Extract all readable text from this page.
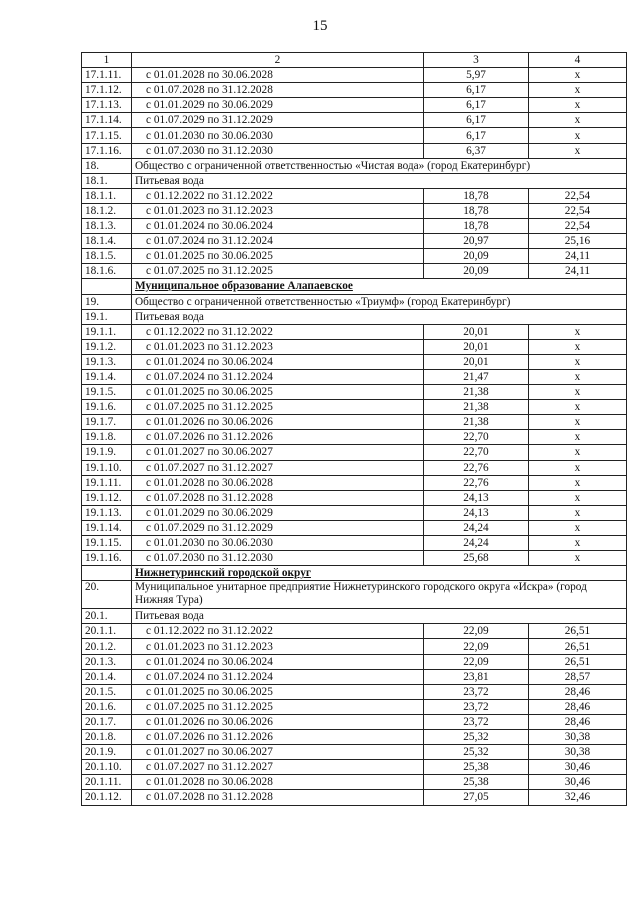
15
1	2	3	4
17.1.11.	с 01.01.2028 по 30.06.2028	5,97	х
17.1.12.	с 01.07.2028 по 31.12.2028	6,17	х
17.1.13.	с 01.01.2029 по 30.06.2029	6,17	х
17.1.14.	с 01.07.2029 по 31.12.2029	6,17	х
17.1.15.	с 01.01.2030 по 30.06.2030	6,17	х
17.1.16.	с 01.07.2030 по 31.12.2030	6,37	х
18.	Общество с ограниченной ответственностью «Чистая вода» (город Екатеринбург)		
18.1.	Питьевая вода		
18.1.1.	с 01.12.2022 по 31.12.2022	18,78	22,54
18.1.2.	с 01.01.2023 по 31.12.2023	18,78	22,54
18.1.3.	с 01.01.2024 по 30.06.2024	18,78	22,54
18.1.4.	с 01.07.2024 по 31.12.2024	20,97	25,16
18.1.5.	с 01.01.2025 по 30.06.2025	20,09	24,11
18.1.6.	с 01.07.2025 по 31.12.2025	20,09	24,11
	Муниципальное образование Алапаевское		
19.	Общество с ограниченной ответственностью «Триумф» (город Екатеринбург)		
19.1.	Питьевая вода		
19.1.1.	с 01.12.2022 по 31.12.2022	20,01	х
19.1.2.	с 01.01.2023 по 31.12.2023	20,01	х
19.1.3.	с 01.01.2024 по 30.06.2024	20,01	х
19.1.4.	с 01.07.2024 по 31.12.2024	21,47	х
19.1.5.	с 01.01.2025 по 30.06.2025	21,38	х
19.1.6.	с 01.07.2025 по 31.12.2025	21,38	х
19.1.7.	с 01.01.2026 по 30.06.2026	21,38	х
19.1.8.	с 01.07.2026 по 31.12.2026	22,70	х
19.1.9.	с 01.01.2027 по 30.06.2027	22,70	х
19.1.10.	с 01.07.2027 по 31.12.2027	22,76	х
19.1.11.	с 01.01.2028 по 30.06.2028	22,76	х
19.1.12.	с 01.07.2028 по 31.12.2028	24,13	х
19.1.13.	с 01.01.2029 по 30.06.2029	24,13	х
19.1.14.	с 01.07.2029 по 31.12.2029	24,24	х
19.1.15.	с 01.01.2030 по 30.06.2030	24,24	х
19.1.16.	с 01.07.2030 по 31.12.2030	25,68	х
	Нижнетуринский городской округ		
20.	Муниципальное унитарное предприятие Нижнетуринского городского округа «Искра» (город Нижняя Тура)		
20.1.	Питьевая вода		
20.1.1.	с 01.12.2022 по 31.12.2022	22,09	26,51
20.1.2.	с 01.01.2023 по 31.12.2023	22,09	26,51
20.1.3.	с 01.01.2024 по 30.06.2024	22,09	26,51
20.1.4.	с 01.07.2024 по 31.12.2024	23,81	28,57
20.1.5.	с 01.01.2025 по 30.06.2025	23,72	28,46
20.1.6.	с 01.07.2025 по 31.12.2025	23,72	28,46
20.1.7.	с 01.01.2026 по 30.06.2026	23,72	28,46
20.1.8.	с 01.07.2026 по 31.12.2026	25,32	30,38
20.1.9.	с 01.01.2027 по 30.06.2027	25,32	30,38
20.1.10.	с 01.07.2027 по 31.12.2027	25,38	30,46
20.1.11.	с 01.01.2028 по 30.06.2028	25,38	30,46
20.1.12.	с 01.07.2028 по 31.12.2028	27,05	32,46
